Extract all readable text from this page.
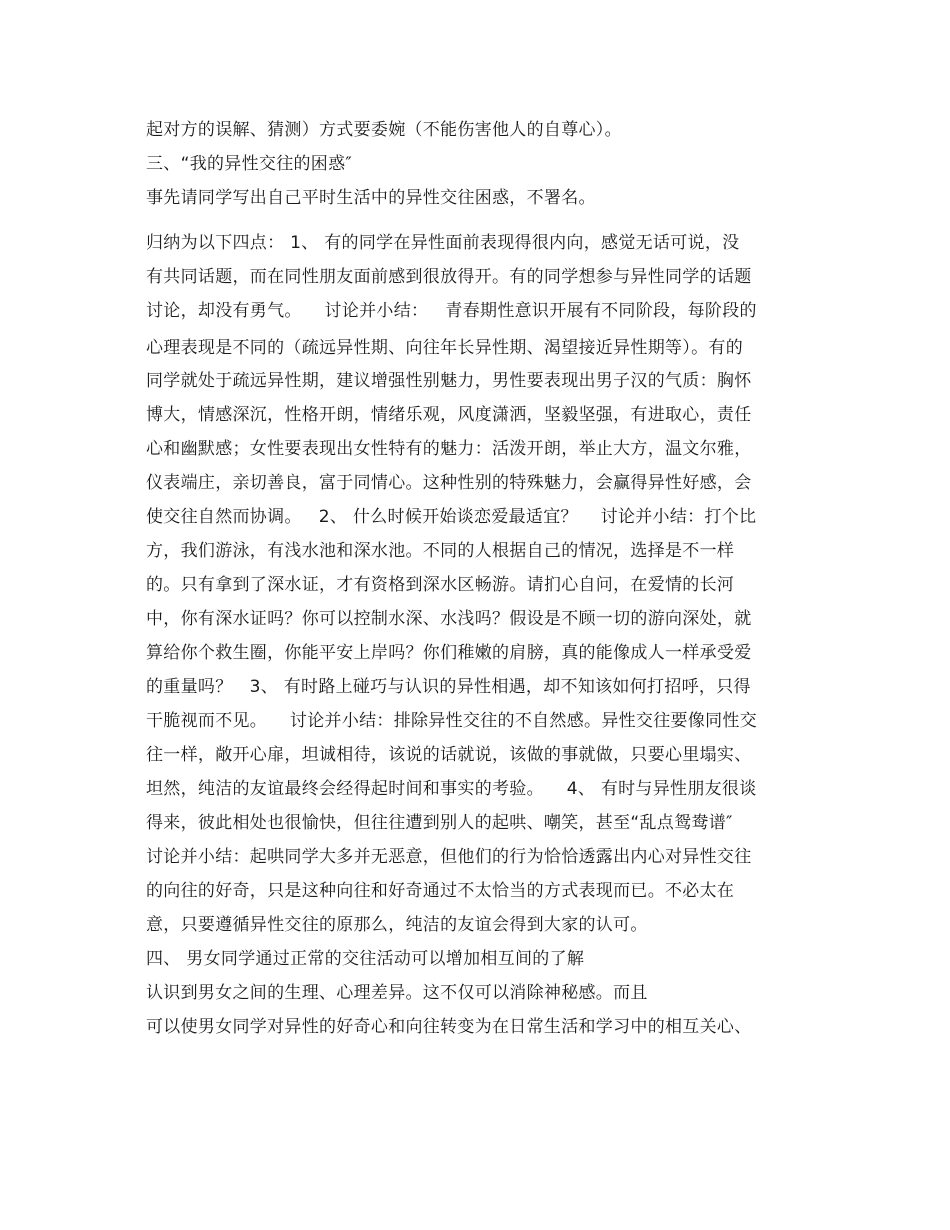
起对方的误解、猜测）方式要委婉（不能伤害他人的自尊心）。
三、“我的异性交往的困惑″
事先请同学写出自己平时生活中的异性交往困惑，不署名。
归纳为以下四点： 1、 有的同学在异性面前表现得很内向，感觉无话可说，没
有共同话题，而在同性朋友面前感到很放得开。有的同学想参与异性同学的话题
讨论，却没有勇气。    讨论并小结：   青春期性意识开展有不同阶段，每阶段的
心理表现是不同的（疏远异性期、向往年长异性期、渴望接近异性期等）。有的
同学就处于疏远异性期，建议增强性别魅力，男性要表现出男子汉的气质：胸怀
博大，情感深沉，性格开朗，情绪乐观，风度潇洒，坚毅坚强，有进取心，责任
心和幽默感；女性要表现出女性特有的魅力：活泼开朗，举止大方，温文尔雅，
仪表端庄，亲切善良，富于同情心。这种性别的特殊魅力，会赢得异性好感，会
使交往自然而协调。   2、 什么时候开始谈恋爱最适宜？    讨论并小结：打个比
方，我们游泳，有浅水池和深水池。不同的人根据自己的情况，选择是不一样
的。只有拿到了深水证，才有资格到深水区畅游。请扪心自问，在爱情的长河
中，你有深水证吗？你可以控制水深、水浅吗？假设是不顾一切的游向深处，就
算给你个救生圈，你能平安上岸吗？你们稚嫩的肩膀，真的能像成人一样承受爱
的重量吗？   3、 有时路上碰巧与认识的异性相遇，却不知该如何打招呼，只得
干脆视而不见。    讨论并小结：排除异性交往的不自然感。异性交往要像同性交
往一样，敞开心扉，坦诚相待，该说的话就说，该做的事就做，只要心里塌实、
坦然，纯洁的友谊最终会经得起时间和事实的考验。    4、 有时与异性朋友很谈
得来，彼此相处也很愉快，但往往遭到别人的起哄、嘲笑，甚至“乱点鸳鸯谱″
讨论并小结：起哄同学大多并无恶意，但他们的行为恰恰透露出内心对异性交往
的向往的好奇，只是这种向往和好奇通过不太恰当的方式表现而已。不必太在
意，只要遵循异性交往的原那么，纯洁的友谊会得到大家的认可。
四、 男女同学通过正常的交往活动可以增加相互间的了解
认识到男女之间的生理、心理差异。这不仅可以消除神秘感。而且
可以使男女同学对异性的好奇心和向往转变为在日常生活和学习中的相互关心、
